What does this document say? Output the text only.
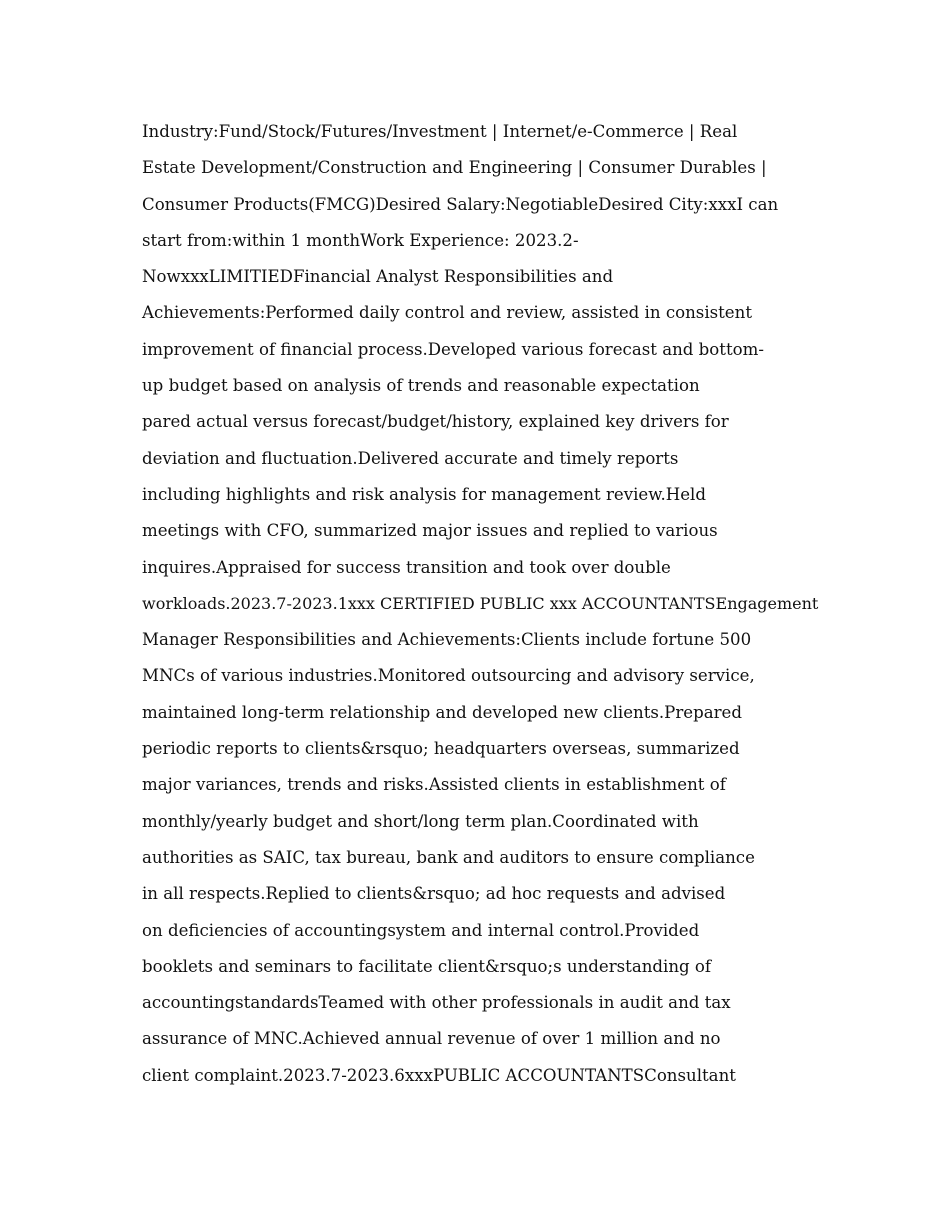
Industry:Fund/Stock/Futures/Investment | Internet/e-Commerce | Real
Estate Development/Construction and Engineering | Consumer Durables |
Consumer Products(FMCG)Desired Salary:NegotiableDesired City:xxxI can
start from:within 1 monthWork Experience: 2023.2-
NowxxxLIMITIEDFinancial Analyst Responsibilities and
Achievements:Performed daily control and review, assisted in consistent
improvement of financial process.Developed various forecast and bottom-
up budget based on analysis of trends and reasonable expectation
pared actual versus forecast/budget/history, explained key drivers for
deviation and fluctuation.Delivered accurate and timely reports
including highlights and risk analysis for management review.Held
meetings with CFO, summarized major issues and replied to various
inquires.Appraised for success transition and took over double
workloads.2023.7-2023.1xxx CERTIFIED PUBLIC xxx ACCOUNTANTSEngagement
Manager Responsibilities and Achievements:Clients include fortune 500
MNCs of various industries.Monitored outsourcing and advisory service,
maintained long-term relationship and developed new clients.Prepared
periodic reports to clients&rsquo; headquarters overseas, summarized
major variances, trends and risks.Assisted clients in establishment of
monthly/yearly budget and short/long term plan.Coordinated with
authorities as SAIC, tax bureau, bank and auditors to ensure compliance
in all respects.Replied to clients&rsquo; ad hoc requests and advised
on deficiencies of accountingsystem and internal control.Provided
booklets and seminars to facilitate client&rsquo;s understanding of
accountingstandardsTeamed with other professionals in audit and tax
assurance of MNC.Achieved annual revenue of over 1 million and no
client complaint.2023.7-2023.6xxxPUBLIC ACCOUNTANTSConsultant
